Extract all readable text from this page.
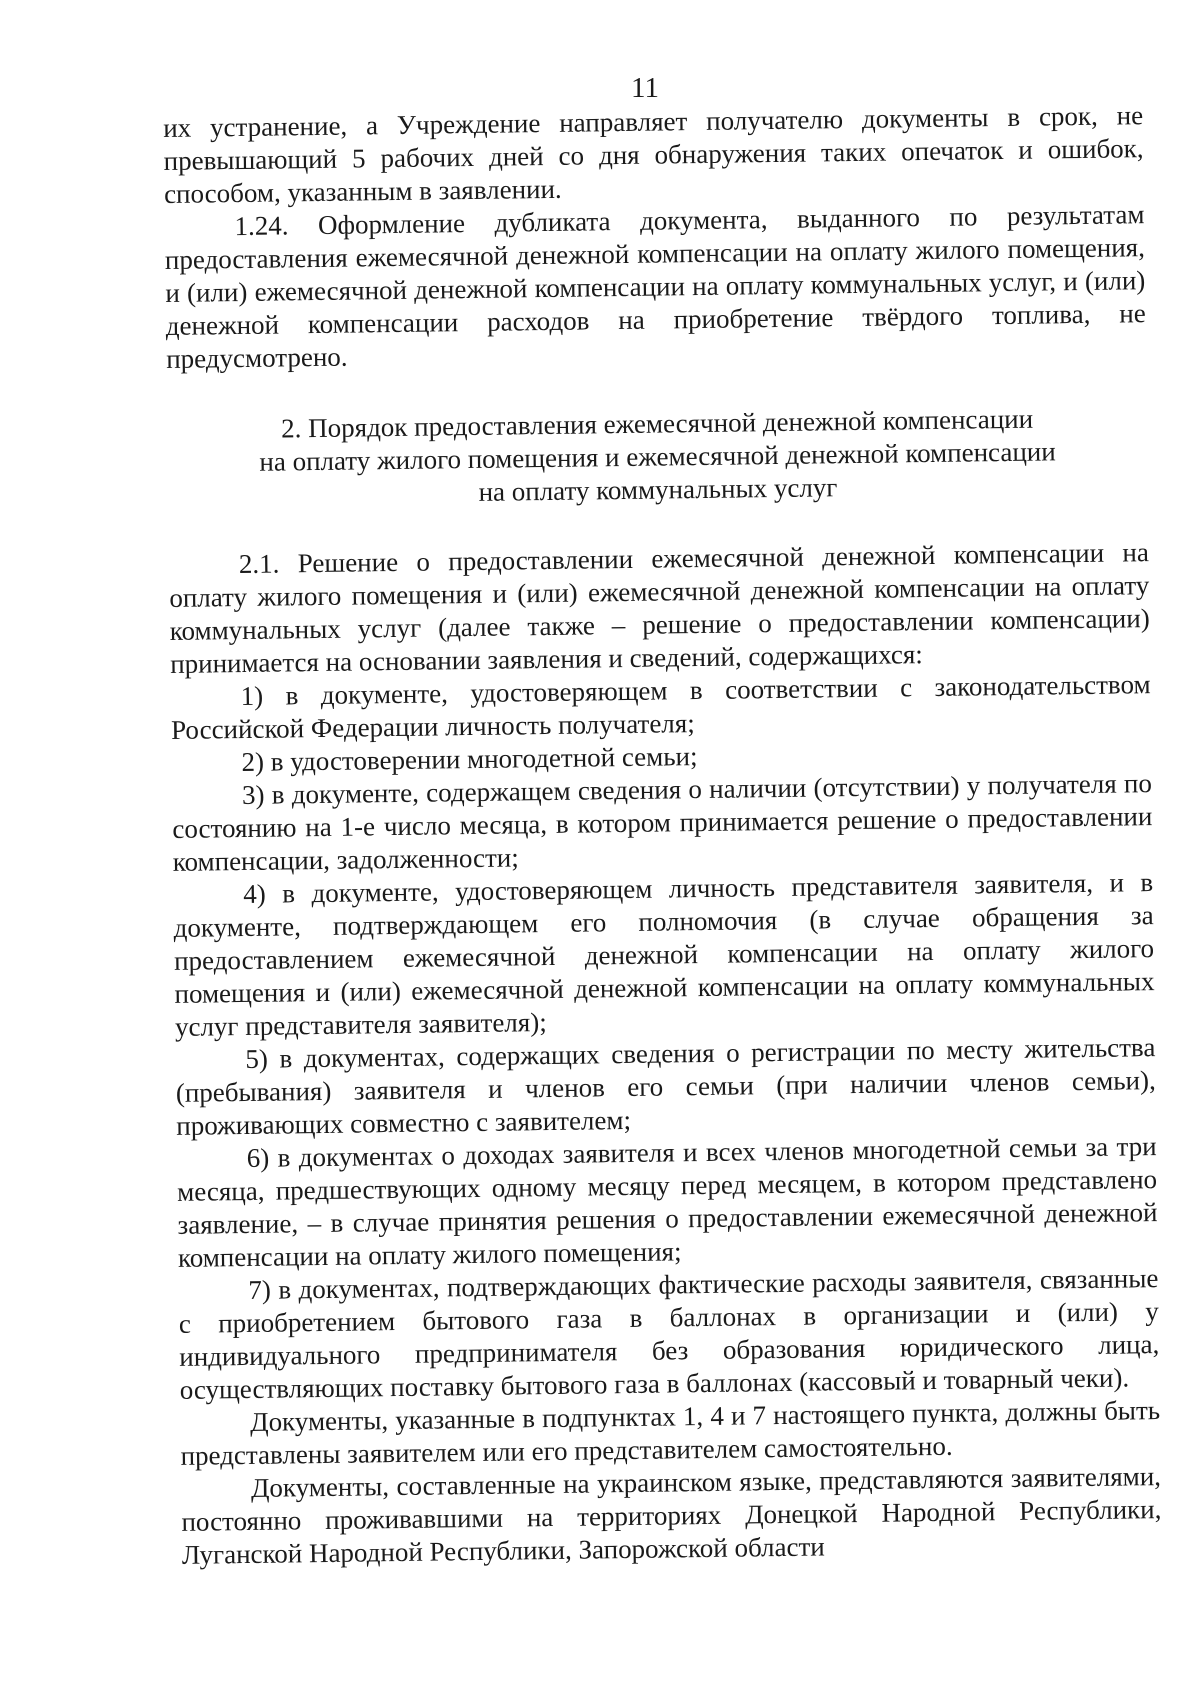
11

их устранение, а Учреждение направляет получателю документы в срок, не превышающий 5 рабочих дней со дня обнаружения таких опечаток и ошибок, способом, указанным в заявлении.

1.24. Оформление дубликата документа, выданного по результатам предоставления ежемесячной денежной компенсации на оплату жилого помещения, и (или) ежемесячной денежной компенсации на оплату коммунальных услуг, и (или) денежной компенсации расходов на приобретение твёрдого топлива, не предусмотрено.

2. Порядок предоставления ежемесячной денежной компенсации
на оплату жилого помещения и ежемесячной денежной компенсации
на оплату коммунальных услуг

2.1. Решение о предоставлении ежемесячной денежной компенсации на оплату жилого помещения и (или) ежемесячной денежной компенсации на оплату коммунальных услуг (далее также – решение о предоставлении компенсации) принимается на основании заявления и сведений, содержащихся:

1) в документе, удостоверяющем в соответствии с законодательством Российской Федерации личность получателя;

2) в удостоверении многодетной семьи;

3) в документе, содержащем сведения о наличии (отсутствии) у получателя по состоянию на 1-е число месяца, в котором принимается решение о предоставлении компенсации, задолженности;

4) в документе, удостоверяющем личность представителя заявителя, и в документе, подтверждающем его полномочия (в случае обращения за предоставлением ежемесячной денежной компенсации на оплату жилого помещения и (или) ежемесячной денежной компенсации на оплату коммунальных услуг представителя заявителя);

5) в документах, содержащих сведения о регистрации по месту жительства (пребывания) заявителя и членов его семьи (при наличии членов семьи), проживающих совместно с заявителем;

6) в документах о доходах заявителя и всех членов многодетной семьи за три месяца, предшествующих одному месяцу перед месяцем, в котором представлено заявление, – в случае принятия решения о предоставлении ежемесячной денежной компенсации на оплату жилого помещения;

7) в документах, подтверждающих фактические расходы заявителя, связанные с приобретением бытового газа в баллонах в организации и (или) у индивидуального предпринимателя без образования юридического лица, осуществляющих поставку бытового газа в баллонах (кассовый и товарный чеки).

Документы, указанные в подпунктах 1, 4 и 7 настоящего пункта, должны быть представлены заявителем или его представителем самостоятельно.

Документы, составленные на украинском языке, представляются заявителями, постоянно проживавшими на территориях Донецкой Народной Республики, Луганской Народной Республики, Запорожской области
